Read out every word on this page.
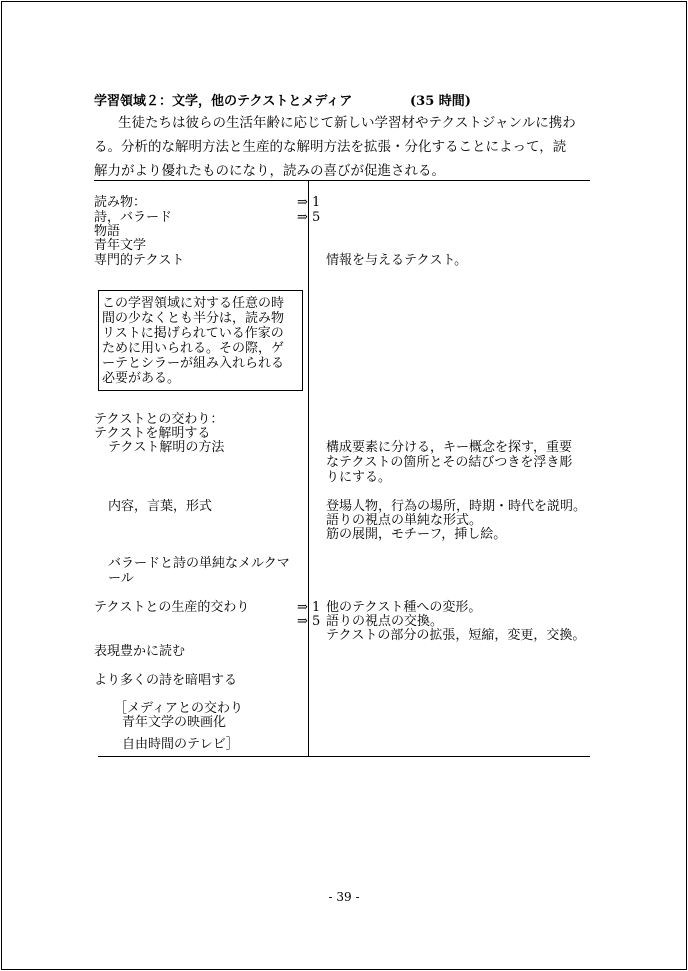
学習領域２：文学，他のテクストとメディア	(35 時間)
生徒たちは彼らの生活年齢に応じて新しい学習材やテクストジャンルに携わ
る。分析的な解明方法と生産的な解明方法を拡張・分化することによって，読
解力がより優れたものになり，読みの喜びが促進される。
読み物：
詩，バラード
物語
青年文学
専門的テクスト
⇒ 1
⇒ 5
この学習領域に対する任意の時
間の少なくとも半分は，読み物
リストに掲げられている作家の
ために用いられる。その際，ゲ
ーテとシラーが組み入れられる
必要がある。
テクストとの交わり：
テクストを解明する
テクスト解明の方法
内容，言葉，形式
バラードと詩の単純なメルクマ
ール
テクストとの生産的交わり	⇒ 1
⇒ 5
表現豊かに読む
より多くの詩を暗唱する
［メディアとの交わり
青年文学の映画化
自由時間のテレビ］
情報を与えるテクスト。
構成要素に分ける，キー概念を探す，重要
なテクストの箇所とその結びつきを浮き彫
りにする。
登場人物，行為の場所，時期・時代を説明。
語りの視点の単純な形式。
筋の展開，モチーフ，挿し絵。
他のテクスト種への変形。
語りの視点の交換。
テクストの部分の拡張，短縮，変更，交換。
- 39 -
